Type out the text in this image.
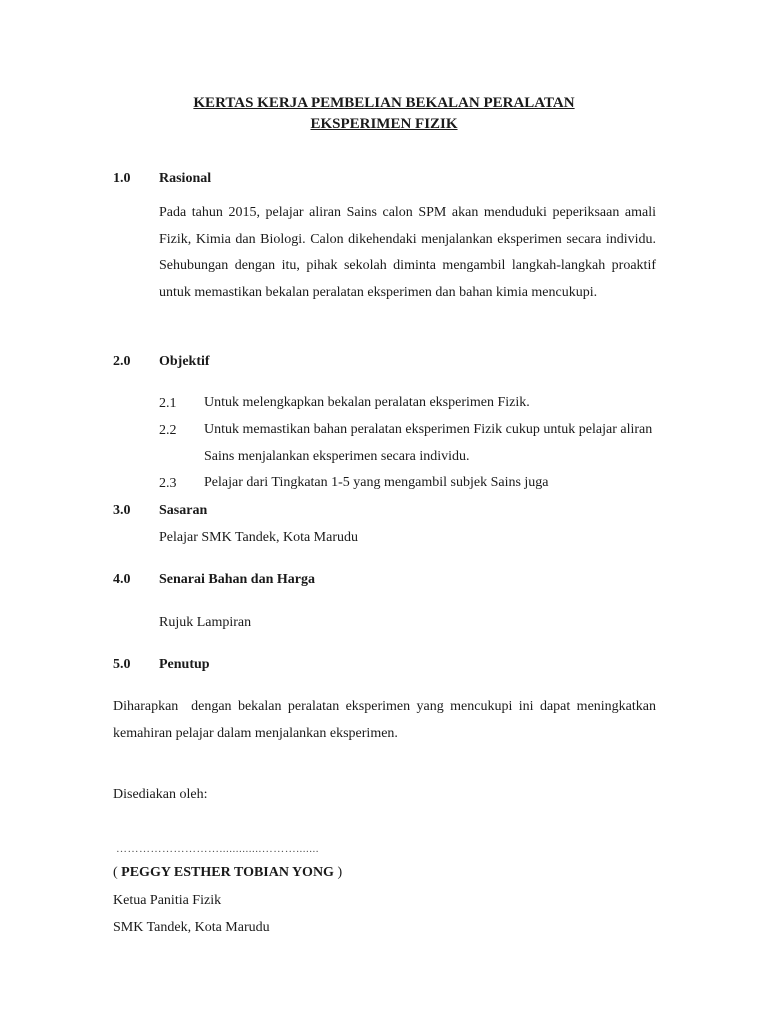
KERTAS KERJA PEMBELIAN BEKALAN PERALATAN
EKSPERIMEN FIZIK
1.0 Rasional
Pada tahun 2015, pelajar aliran Sains calon SPM akan menduduki peperiksaan amali Fizik, Kimia dan Biologi. Calon dikehendaki menjalankan eksperimen secara individu. Sehubungan dengan itu, pihak sekolah diminta mengambil langkah-langkah proaktif untuk memastikan bekalan peralatan eksperimen dan bahan kimia mencukupi.
2.0 Objektif
2.1 Untuk melengkapkan bekalan peralatan eksperimen Fizik.
2.2 Untuk memastikan bahan peralatan eksperimen Fizik cukup untuk pelajar aliran Sains menjalankan eksperimen secara individu.
2.3 Pelajar dari Tingkatan 1-5 yang mengambil subjek Sains juga
3.0 Sasaran
Pelajar SMK Tandek, Kota Marudu
4.0 Senarai Bahan dan Harga
Rujuk Lampiran
5.0 Penutup
Diharapkan  dengan bekalan peralatan eksperimen yang mencukupi ini dapat meningkatkan kemahiran pelajar dalam menjalankan eksperimen.
Disediakan oleh:
……………………….............……….......
( PEGGY ESTHER TOBIAN YONG )
Ketua Panitia Fizik
SMK Tandek, Kota Marudu
